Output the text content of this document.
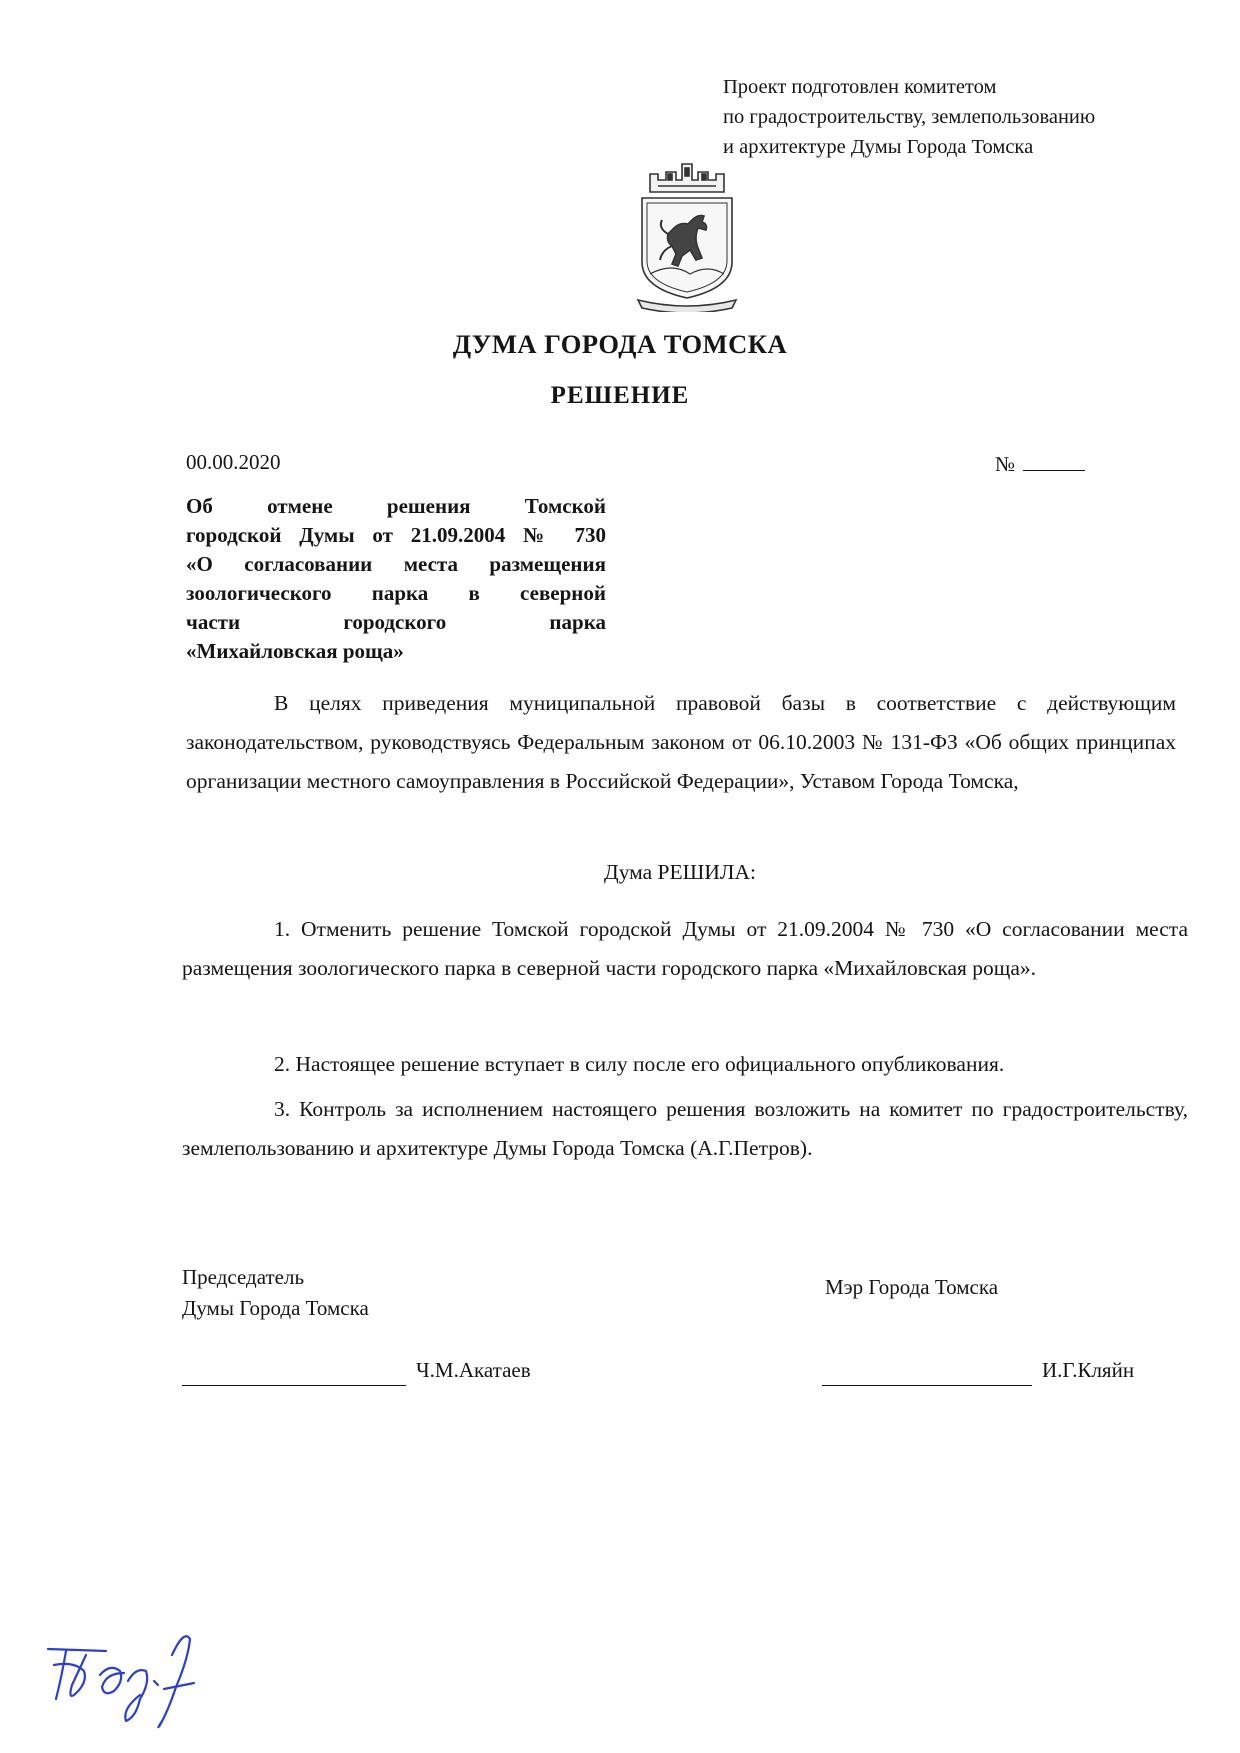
Проект подготовлен комитетом
по градостроительству, землепользованию
и архитектуре Думы Города Томска
ДУМА ГОРОДА ТОМСКА
РЕШЕНИЕ
00.00.2020	№
Об отмене решения Томской
городской Думы от 21.09.2004 № 730
«О согласовании места размещения
зоологического парка в северной
части городского парка
«Михайловская роща»
В целях приведения муниципальной правовой базы в соответствие с действующим законодательством, руководствуясь Федеральным законом от 06.10.2003 № 131-ФЗ «Об общих принципах организации местного самоуправления в Российской Федерации», Уставом Города Томска,
Дума РЕШИЛА:
1. Отменить решение Томской городской Думы от 21.09.2004 № 730 «О согласовании места размещения зоологического парка в северной части городского парка «Михайловская роща».
2. Настоящее решение вступает в силу после его официального опубликования.
3. Контроль за исполнением настоящего решения возложить на комитет по градостроительству, землепользованию и архитектуре Думы Города Томска (А.Г.Петров).
Председатель
Думы Города Томска
Мэр Города Томска
Ч.М.Акатаев	И.Г.Кляйн
